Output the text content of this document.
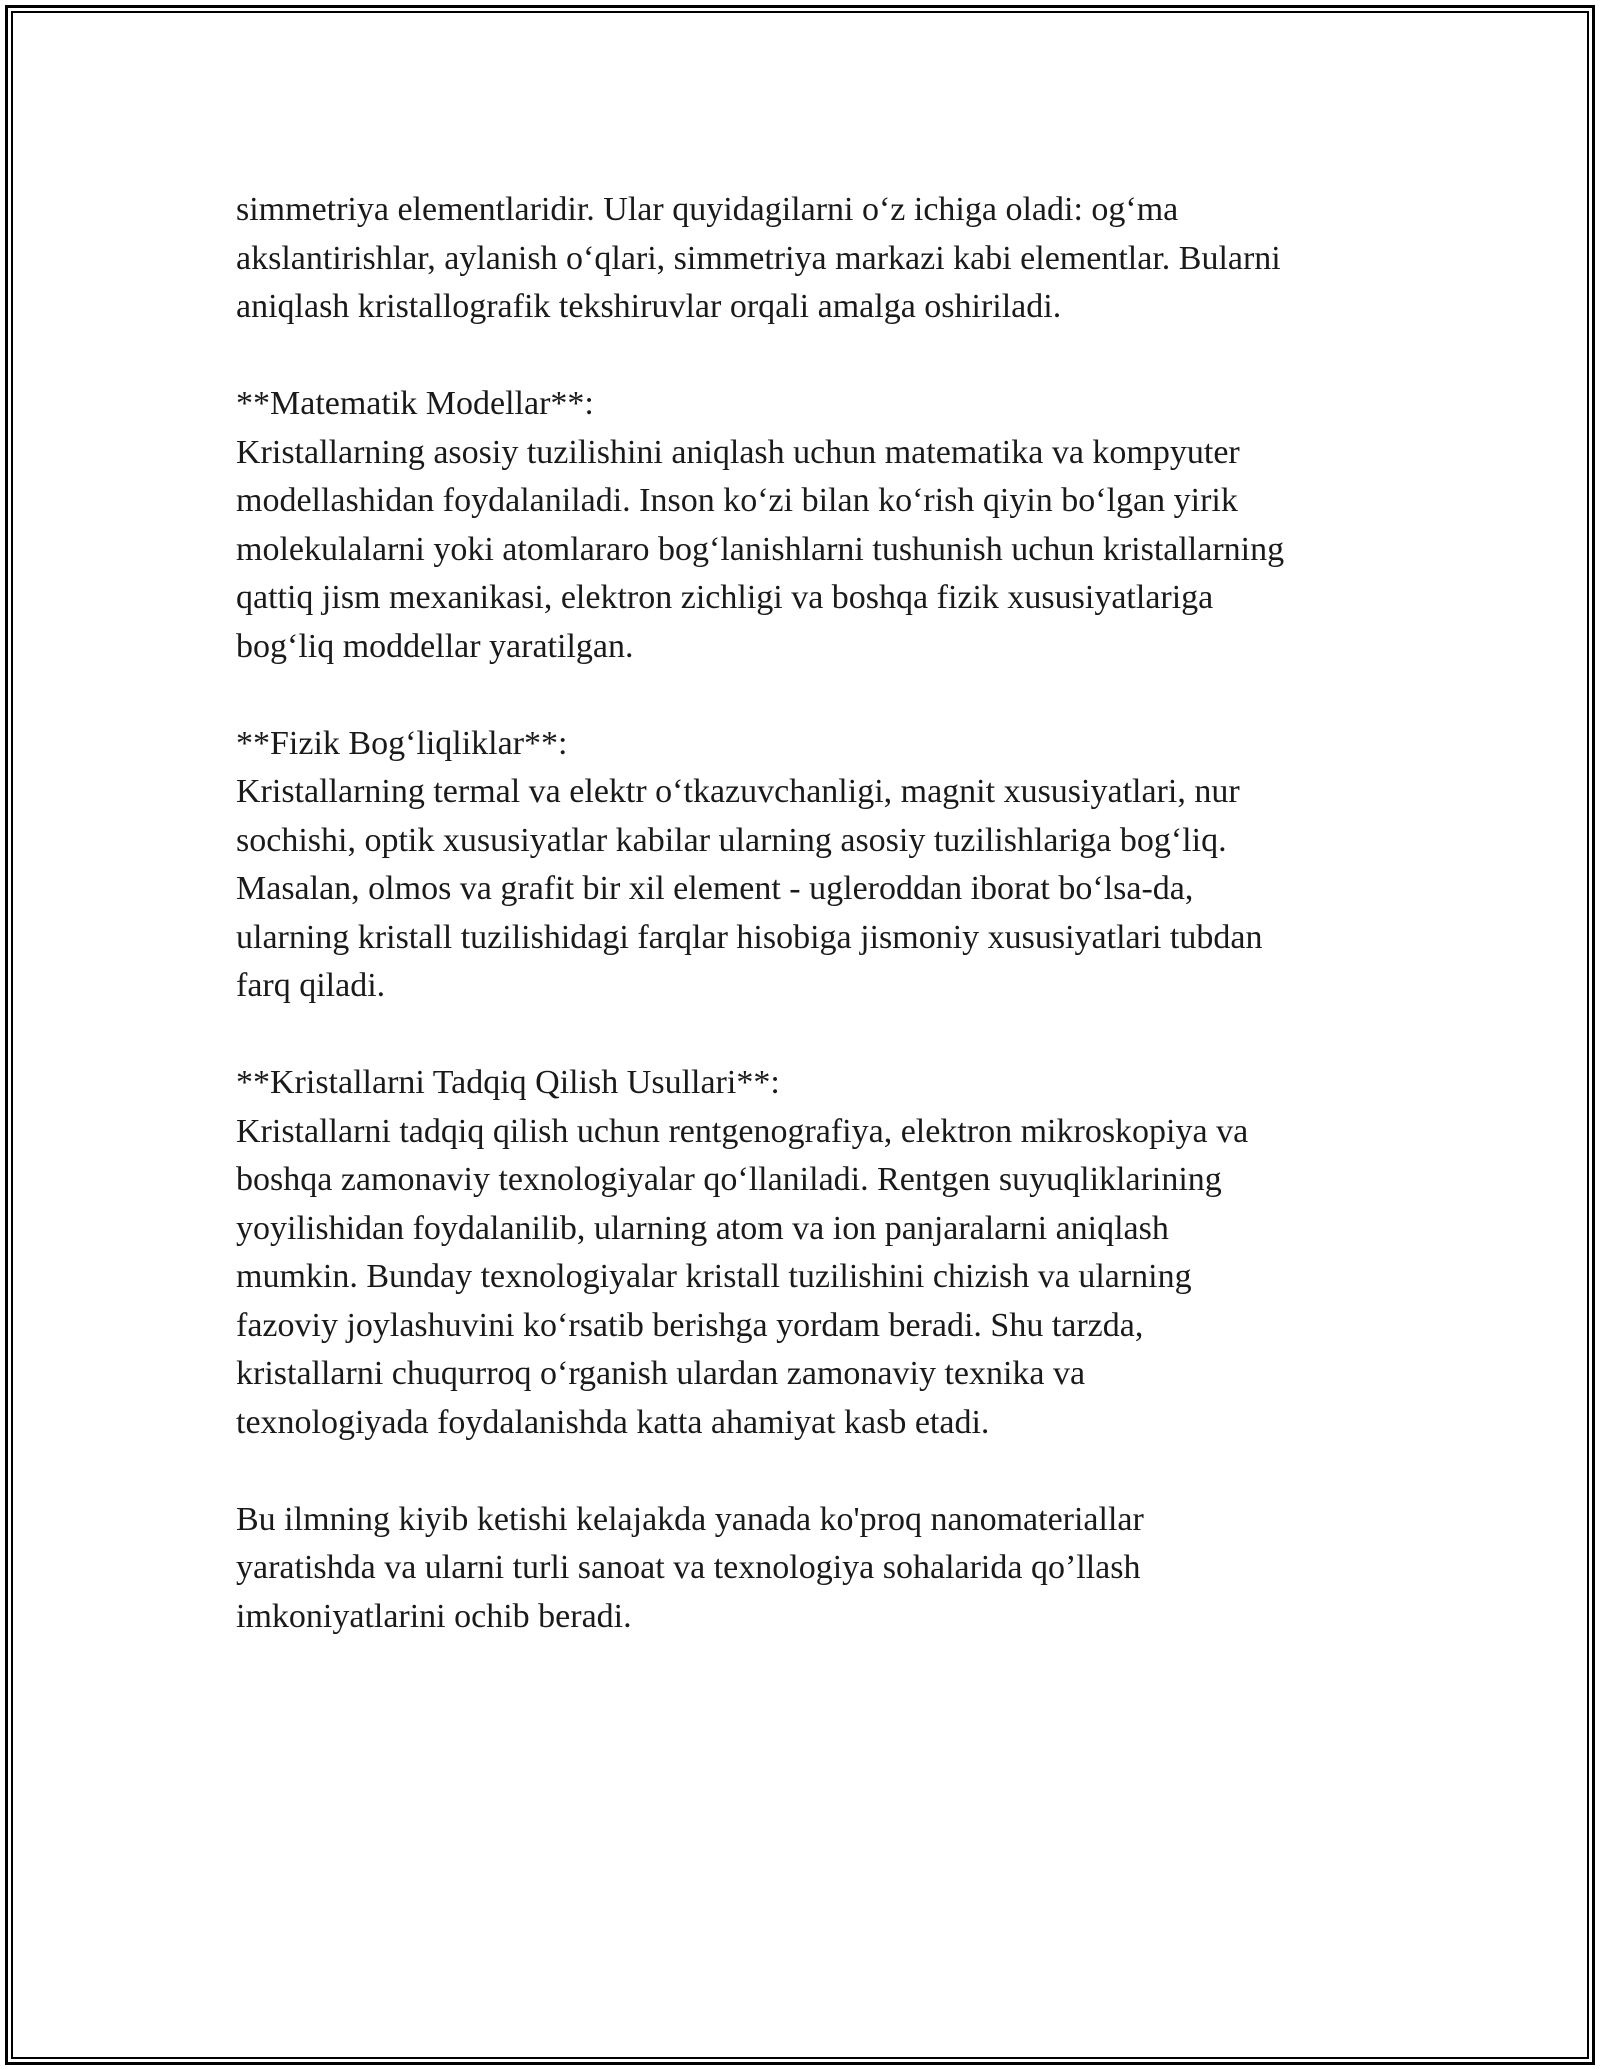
simmetriya elementlaridir. Ular quyidagilarni o‘z ichiga oladi: og‘ma
akslantirishlar, aylanish o‘qlari, simmetriya markazi kabi elementlar. Bularni
aniqlash kristallografik tekshiruvlar orqali amalga oshiriladi.

**Matematik Modellar**:
Kristallarning asosiy tuzilishini aniqlash uchun matematika va kompyuter
modellashidan foydalaniladi. Inson ko‘zi bilan ko‘rish qiyin bo‘lgan yirik
molekulalarni yoki atomlararo bog‘lanishlarni tushunish uchun kristallarning
qattiq jism mexanikasi, elektron zichligi va boshqa fizik xususiyatlariga
bog‘liq moddellar yaratilgan.

**Fizik Bog‘liqliklar**:
Kristallarning termal va elektr o‘tkazuvchanligi, magnit xususiyatlari, nur
sochishi, optik xususiyatlar kabilar ularning asosiy tuzilishlariga bog‘liq.
Masalan, olmos va grafit bir xil element - ugleroddan iborat bo‘lsa-da,
ularning kristall tuzilishidagi farqlar hisobiga jismoniy xususiyatlari tubdan
farq qiladi.

**Kristallarni Tadqiq Qilish Usullari**:
Kristallarni tadqiq qilish uchun rentgenografiya, elektron mikroskopiya va
boshqa zamonaviy texnologiyalar qo‘llaniladi. Rentgen suyuqliklarining
yoyilishidan foydalanilib, ularning atom va ion panjaralarni aniqlash
mumkin. Bunday texnologiyalar kristall tuzilishini chizish va ularning
fazoviy joylashuvini ko‘rsatib berishga yordam beradi. Shu tarzda,
kristallarni chuqurroq o‘rganish ulardan zamonaviy texnika va
texnologiyada foydalanishda katta ahamiyat kasb etadi.

Bu ilmning kiyib ketishi kelajakda yanada ko'proq nanomateriallar
yaratishda va ularni turli sanoat va texnologiya sohalarida qo’llash
imkoniyatlarini ochib beradi.
